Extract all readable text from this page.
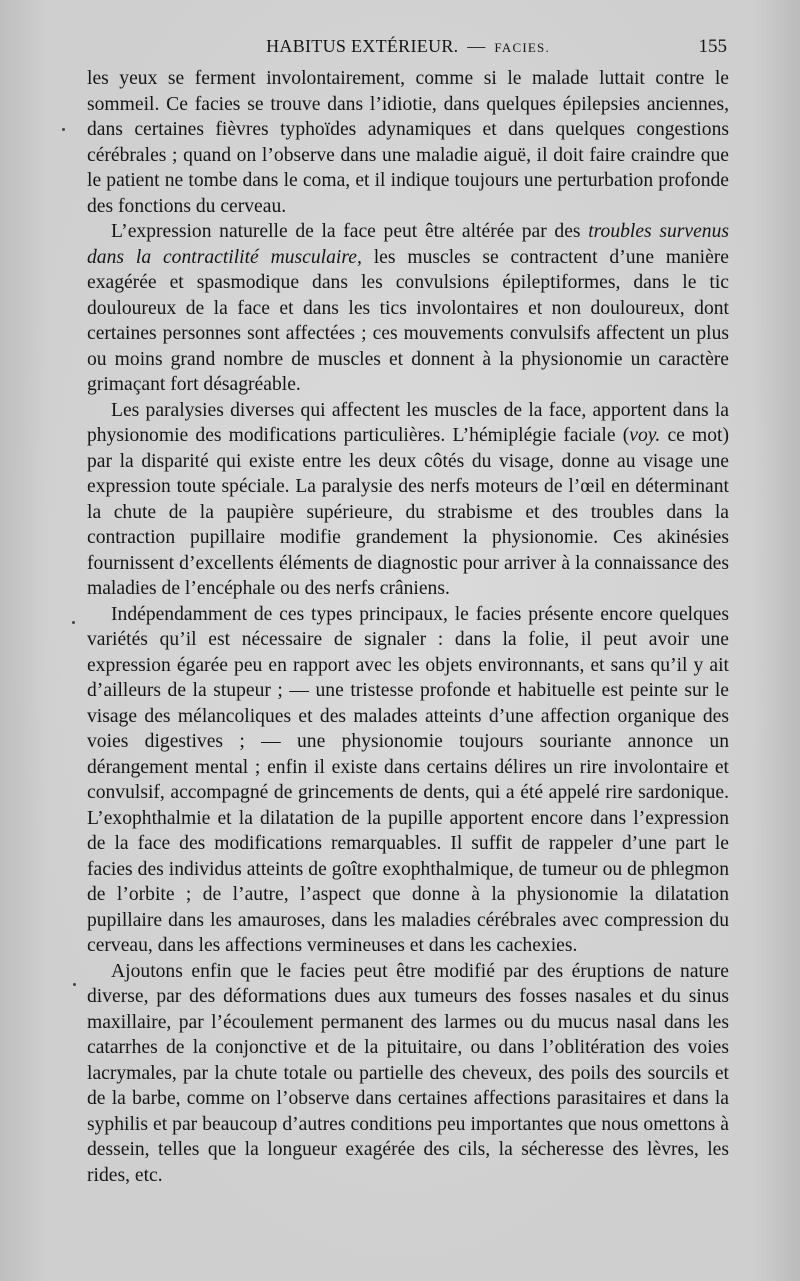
HABITUS EXTÉRIEUR. — FACIES.	155

les yeux se ferment involontairement, comme si le malade luttait contre le sommeil. Ce facies se trouve dans l’idiotie, dans quelques épilepsies anciennes, dans certaines fièvres typhoïdes adynamiques et dans quelques congestions cérébrales ; quand on l’observe dans une maladie aiguë, il doit faire craindre que le patient ne tombe dans le coma, et il indique toujours une perturbation profonde des fonctions du cerveau.

L’expression naturelle de la face peut être altérée par des troubles survenus dans la contractilité musculaire, les muscles se contractent d’une manière exagérée et spasmodique dans les convulsions épileptiformes, dans le tic douloureux de la face et dans les tics involontaires et non douloureux, dont certaines personnes sont affectées ; ces mouvements convulsifs affectent un plus ou moins grand nombre de muscles et donnent à la physionomie un caractère grimaçant fort désagréable.

Les paralysies diverses qui affectent les muscles de la face, apportent dans la physionomie des modifications particulières. L’hémiplégie faciale (voy. ce mot) par la disparité qui existe entre les deux côtés du visage, donne au visage une expression toute spéciale. La paralysie des nerfs moteurs de l’œil en déterminant la chute de la paupière supérieure, du strabisme et des troubles dans la contraction pupillaire modifie grandement la physionomie. Ces akinésies fournissent d’excellents éléments de diagnostic pour arriver à la connaissance des maladies de l’encéphale ou des nerfs crâniens.

Indépendamment de ces types principaux, le facies présente encore quelques variétés qu’il est nécessaire de signaler : dans la folie, il peut avoir une expression égarée peu en rapport avec les objets environnants, et sans qu’il y ait d’ailleurs de la stupeur ; — une tristesse profonde et habituelle est peinte sur le visage des mélancoliques et des malades atteints d’une affection organique des voies digestives ; — une physionomie toujours souriante annonce un dérangement mental ; enfin il existe dans certains délires un rire involontaire et convulsif, accompagné de grincements de dents, qui a été appelé rire sardonique. L’exophthalmie et la dilatation de la pupille apportent encore dans l’expression de la face des modifications remarquables. Il suffit de rappeler d’une part le facies des individus atteints de goître exophthalmique, de tumeur ou de phlegmon de l’orbite ; de l’autre, l’aspect que donne à la physionomie la dilatation pupillaire dans les amauroses, dans les maladies cérébrales avec compression du cerveau, dans les affections vermineuses et dans les cachexies.

Ajoutons enfin que le facies peut être modifié par des éruptions de nature diverse, par des déformations dues aux tumeurs des fosses nasales et du sinus maxillaire, par l’écoulement permanent des larmes ou du mucus nasal dans les catarrhes de la conjonctive et de la pituitaire, ou dans l’oblitération des voies lacrymales, par la chute totale ou partielle des cheveux, des poils des sourcils et de la barbe, comme on l’observe dans certaines affections parasitaires et dans la syphilis et par beaucoup d’autres conditions peu importantes que nous omettons à dessein, telles que la longueur exagérée des cils, la sécheresse des lèvres, les rides, etc.
